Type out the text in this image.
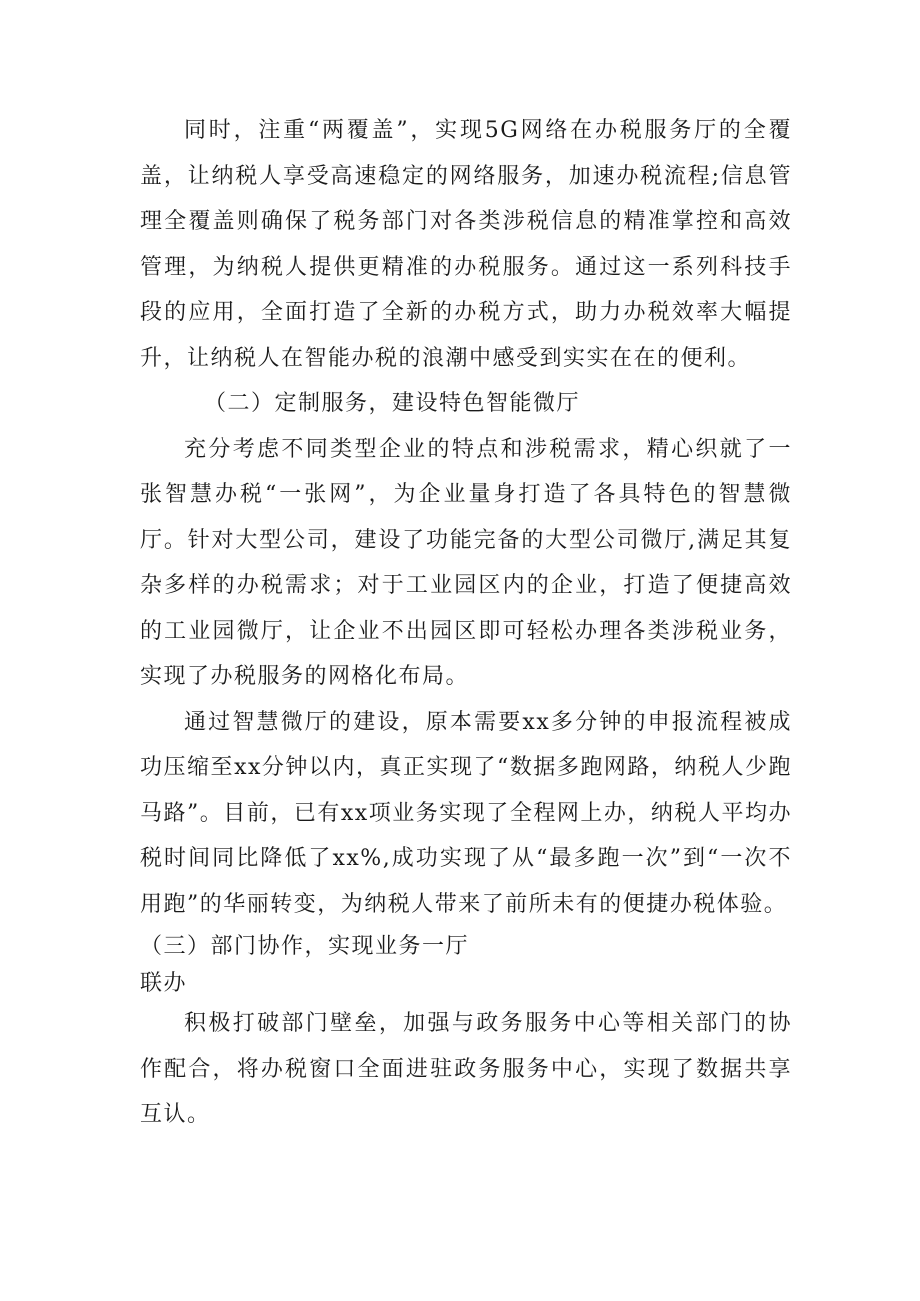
同时，注重“两覆盖”，实现5G网络在办税服务厅的全覆盖，让纳税人享受高速稳定的网络服务，加速办税流程;信息管理全覆盖则确保了税务部门对各类涉税信息的精准掌控和高效管理，为纳税人提供更精准的办税服务。通过这一系列科技手段的应用，全面打造了全新的办税方式，助力办税效率大幅提升，让纳税人在智能办税的浪潮中感受到实实在在的便利。

（二）定制服务，建设特色智能微厅

充分考虑不同类型企业的特点和涉税需求，精心织就了一张智慧办税“一张网”，为企业量身打造了各具特色的智慧微厅。针对大型公司，建设了功能完备的大型公司微厅,满足其复杂多样的办税需求；对于工业园区内的企业，打造了便捷高效的工业园微厅，让企业不出园区即可轻松办理各类涉税业务，实现了办税服务的网格化布局。

通过智慧微厅的建设，原本需要xx多分钟的申报流程被成功压缩至xx分钟以内，真正实现了“数据多跑网路，纳税人少跑马路”。目前，已有xx项业务实现了全程网上办，纳税人平均办税时间同比降低了xx%,成功实现了从“最多跑一次”到“一次不用跑”的华丽转变，为纳税人带来了前所未有的便捷办税体验。

（三）部门协作，实现业务一厅
联办

积极打破部门壁垒，加强与政务服务中心等相关部门的协作配合，将办税窗口全面进驻政务服务中心，实现了数据共享互认。
